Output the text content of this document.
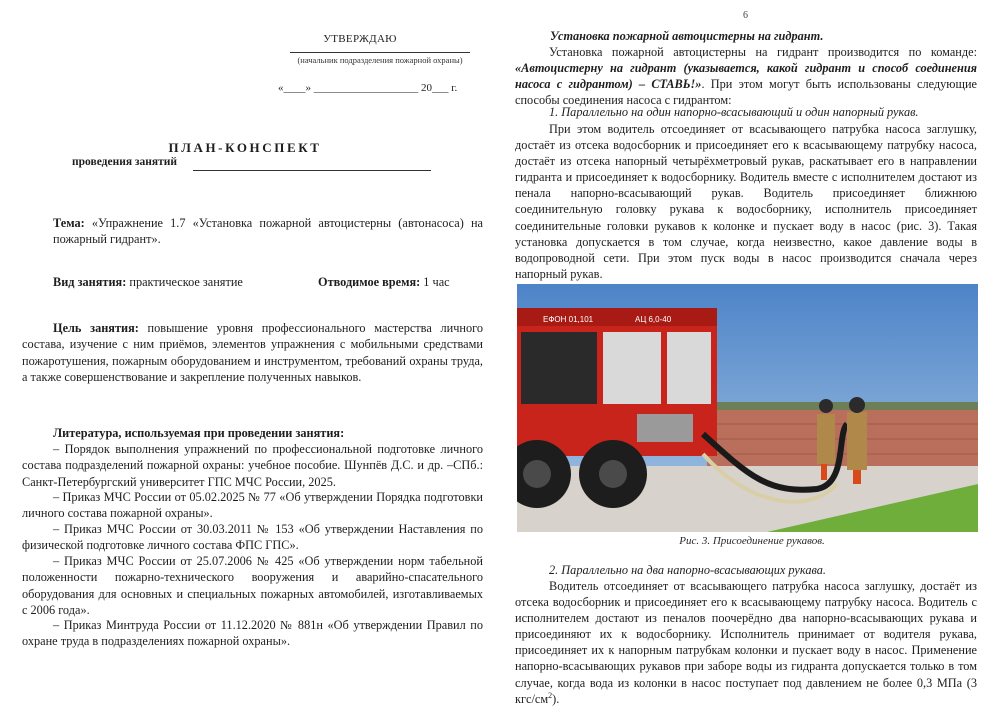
УТВЕРЖДАЮ
(начальник подразделения пожарной охраны)
«____» ___________________ 20___ г.
ПЛАН-КОНСПЕКТ
проведения занятий

Тема: «Упражнение 1.7 «Установка пожарной автоцистерны (автонасоса) на пожарный гидрант».

Вид занятия: практическое занятие	Отводимое время: 1 час

Цель занятия: повышение уровня профессионального мастерства личного состава, изучение с ним приёмов, элементов упражнения с мобильными средствами пожаротушения, пожарным оборудованием и инструментом, требований охраны труда, а также совершенствование и закрепление полученных навыков.

Литература, используемая при проведении занятия:

– Порядок выполнения упражнений по профессиональной подготовке личного состава подразделений пожарной охраны: учебное пособие. Шунпёв Д.С. и др. –СПб.: Санкт-Петербургский университет ГПС МЧС России, 2025.

– Приказ МЧС России от 05.02.2025 № 77 «Об утверждении Порядка подготовки личного состава пожарной охраны».

– Приказ МЧС России от 30.03.2011 № 153 «Об утверждении Наставления по физической подготовке личного состава ФПС ГПС».

– Приказ МЧС России от 25.07.2006 № 425 «Об утверждении норм табельной положенности пожарно-технического вооружения и аварийно-спасательного оборудования для основных и специальных пожарных автомобилей, изготавливаемых с 2006 года».

– Приказ Минтруда России от 11.12.2020 № 881н «Об утверждении Правил по охране труда в подразделениях пожарной охраны».

6
Установка пожарной автоцистерны на гидрант.

Установка пожарной автоцистерны на гидрант производится по команде: «Автоцистерну на гидрант (указывается, какой гидрант и способ соединения насоса с гидрантом) – СТАВЬ!». При этом могут быть использованы следующие способы соединения насоса с гидрантом:

1. Параллельно на один напорно-всасывающий и один напорный рукав.

При этом водитель отсоединяет от всасывающего патрубка насоса заглушку, достаёт из отсека водосборник и присоединяет его к всасывающему патрубку насоса, достаёт из отсека напорный четырёхметровый рукав, раскатывает его в направлении гидранта и присоединяет к водосборнику. Водитель вместе с исполнителем достают из пенала напорно-всасывающий рукав. Водитель присоединяет ближнюю соединительную головку рукава к водосборнику, исполнитель присоединяет соединительные головки рукавов к колонке и пускает воду в насос (рис. 3). Такая установка допускается в том случае, когда неизвестно, какое давление воды в водопроводной сети. При этом пуск воды в насос производится сначала через напорный рукав.

ЕФОН 01,101	АЦ 6,0-40
Рис. 3. Присоединение рукавов.
2. Параллельно на два напорно-всасывающих рукава.

Водитель отсоединяет от всасывающего патрубка насоса заглушку, достаёт из отсека водосборник и присоединяет его к всасывающему патрубку насоса. Водитель с исполнителем достают из пеналов поочерёдно два напорно-всасывающих рукава и присоединяют их к водосборнику. Исполнитель принимает от водителя рукава, присоединяет их к напорным патрубкам колонки и пускает воду в насос. Применение напорно-всасывающих рукавов при заборе воды из гидранта допускается только в том случае, когда вода из колонки в насос поступает под давлением не более 0,3 МПа (3 кгс/$см^2$).
